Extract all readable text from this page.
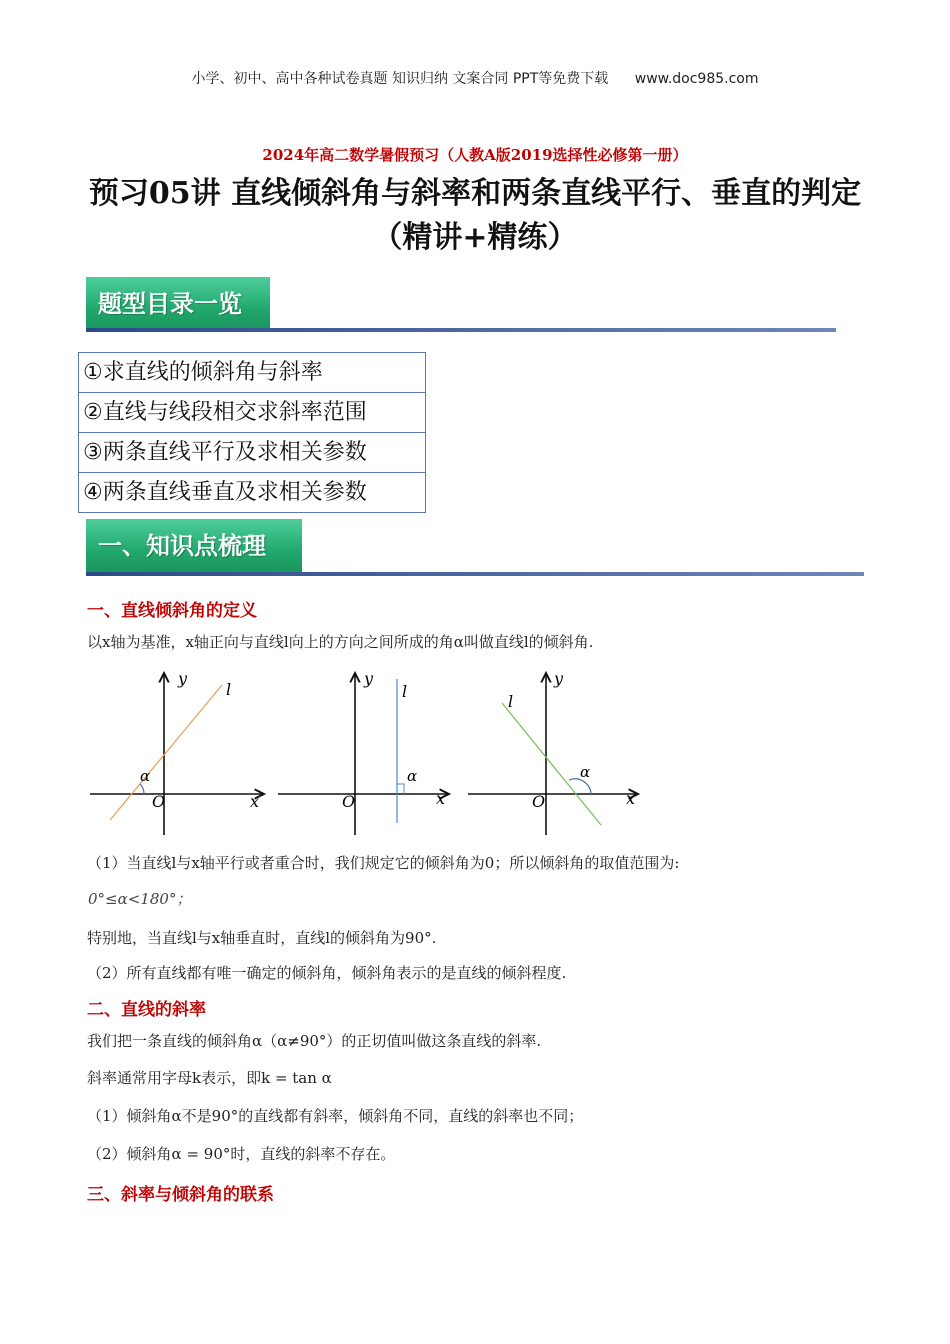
小学、初中、高中各种试卷真题 知识归纳 文案合同 PPT等免费下载 www.doc985.com
2024年高二数学暑假预习（人教A版2019选择性必修第一册）
预习05讲 直线倾斜角与斜率和两条直线平行、垂直的判定（精讲+精练）
题型目录一览
①求直线的倾斜角与斜率
②直线与线段相交求斜率范围
③两条直线平行及求相关参数
④两条直线垂直及求相关参数
一、知识点梳理
一、直线倾斜角的定义
以x轴为基准，x轴正向与直线l向上的方向之间所成的角α叫做直线l的倾斜角.
y
x
O
l
α
y
x
O
l
α
y
x
O
l
α
（1）当直线l与x轴平行或者重合时，我们规定它的倾斜角为0；所以倾斜角的取值范围为:
0°≤α<180°；
特别地，当直线l与x轴垂直时，直线l的倾斜角为90°.
（2）所有直线都有唯一确定的倾斜角，倾斜角表示的是直线的倾斜程度.
二、直线的斜率
我们把一条直线的倾斜角α（α≠90°）的正切值叫做这条直线的斜率.
斜率通常用字母k表示，即k = tan α
（1）倾斜角α不是90°的直线都有斜率，倾斜角不同，直线的斜率也不同；
（2）倾斜角α = 90°时，直线的斜率不存在。
三、斜率与倾斜角的联系
